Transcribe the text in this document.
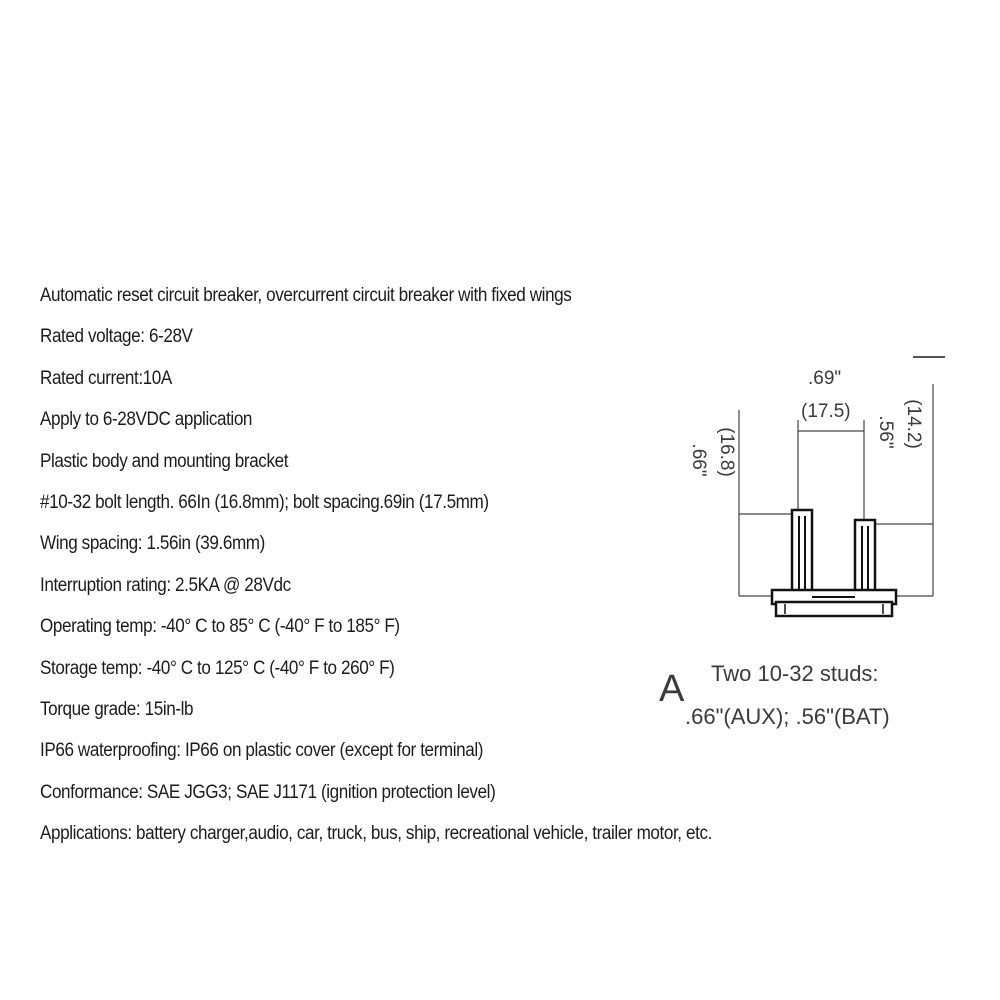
Automatic reset circuit breaker, overcurrent circuit breaker with fixed wings
Rated voltage: 6-28V
Rated current:10A
Apply to 6-28VDC application
Plastic body and mounting bracket
#10-32 bolt length. 66In (16.8mm); bolt spacing.69in (17.5mm)
Wing spacing: 1.56in (39.6mm)
Interruption rating: 2.5KA @ 28Vdc
Operating temp: -40° C to 85° C (-40° F to 185° F)
Storage temp: -40° C to 125° C (-40° F to 260° F)
Torque grade: 15in-lb
IP66 waterproofing: IP66 on plastic cover (except for terminal)
Conformance: SAE JGG3; SAE J1171 (ignition protection level)
Applications: battery charger,audio, car, truck, bus, ship, recreational vehicle, trailer motor, etc.
.69"
(17.5)
.66" (16.8)	.56" (14.2)
A Two 10-32 studs:
.66"(AUX); .56"(BAT)
